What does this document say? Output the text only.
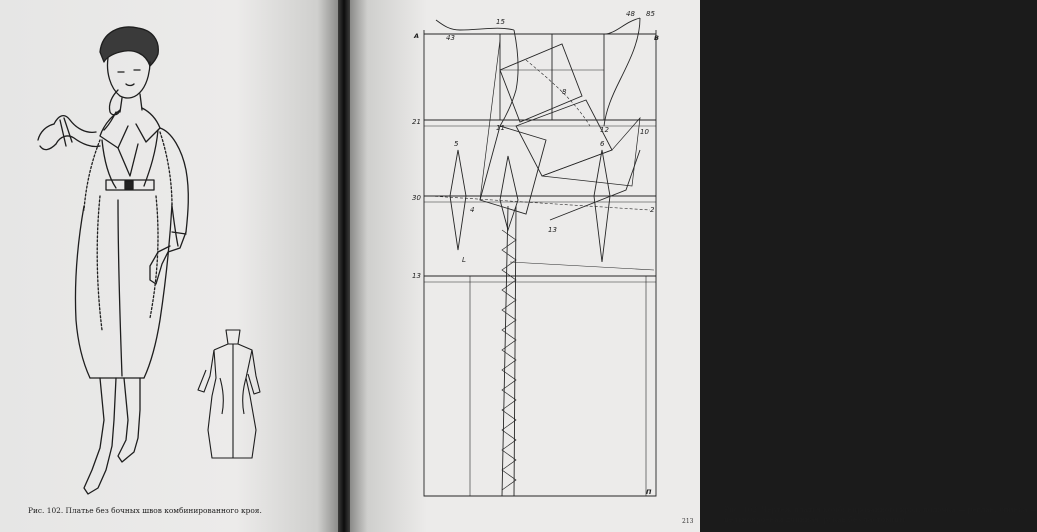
Рис. 102. Платье без бочных швов комбинированного кроя.
А	В
П
21
30
13
48 85
43
15
11	12
4
5	6
2
13
8
10
L
Рис. 103. Чертеж платья комбинированного кроя: полочка — реглан, спинка —
цельнокроеная длинная, рукав без ластовицы.
213
